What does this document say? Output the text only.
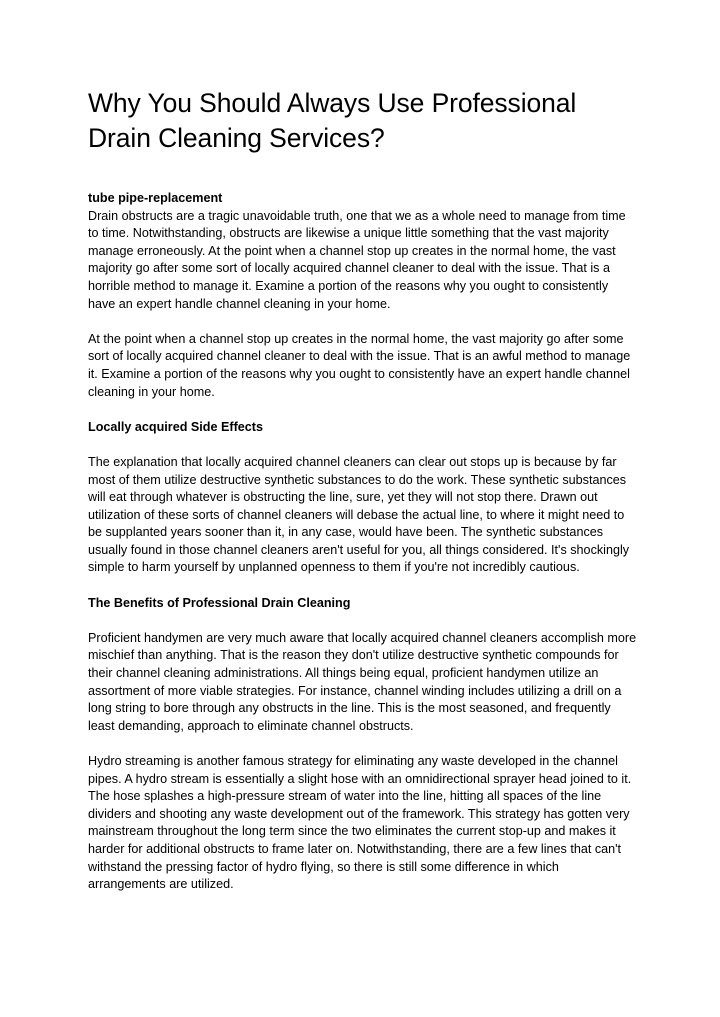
Why You Should Always Use Professional Drain Cleaning Services?
tube pipe-replacement

Drain obstructs are a tragic unavoidable truth, one that we as a whole need to manage from time to time. Notwithstanding, obstructs are likewise a unique little something that the vast majority manage erroneously. At the point when a channel stop up creates in the normal home, the vast majority go after some sort of locally acquired channel cleaner to deal with the issue. That is a horrible method to manage it. Examine a portion of the reasons why you ought to consistently have an expert handle channel cleaning in your home.

At the point when a channel stop up creates in the normal home, the vast majority go after some sort of locally acquired channel cleaner to deal with the issue. That is an awful method to manage it. Examine a portion of the reasons why you ought to consistently have an expert handle channel cleaning in your home.

Locally acquired Side Effects

The explanation that locally acquired channel cleaners can clear out stops up is because by far most of them utilize destructive synthetic substances to do the work. These synthetic substances will eat through whatever is obstructing the line, sure, yet they will not stop there. Drawn out utilization of these sorts of channel cleaners will debase the actual line, to where it might need to be supplanted years sooner than it, in any case, would have been. The synthetic substances usually found in those channel cleaners aren't useful for you, all things considered. It's shockingly simple to harm yourself by unplanned openness to them if you're not incredibly cautious.

The Benefits of Professional Drain Cleaning

Proficient handymen are very much aware that locally acquired channel cleaners accomplish more mischief than anything. That is the reason they don't utilize destructive synthetic compounds for their channel cleaning administrations. All things being equal, proficient handymen utilize an assortment of more viable strategies. For instance, channel winding includes utilizing a drill on a long string to bore through any obstructs in the line. This is the most seasoned, and frequently least demanding, approach to eliminate channel obstructs.

Hydro streaming is another famous strategy for eliminating any waste developed in the channel pipes. A hydro stream is essentially a slight hose with an omnidirectional sprayer head joined to it. The hose splashes a high-pressure stream of water into the line, hitting all spaces of the line dividers and shooting any waste development out of the framework. This strategy has gotten very mainstream throughout the long term since the two eliminates the current stop-up and makes it harder for additional obstructs to frame later on. Notwithstanding, there are a few lines that can't withstand the pressing factor of hydro flying, so there is still some difference in which arrangements are utilized.
